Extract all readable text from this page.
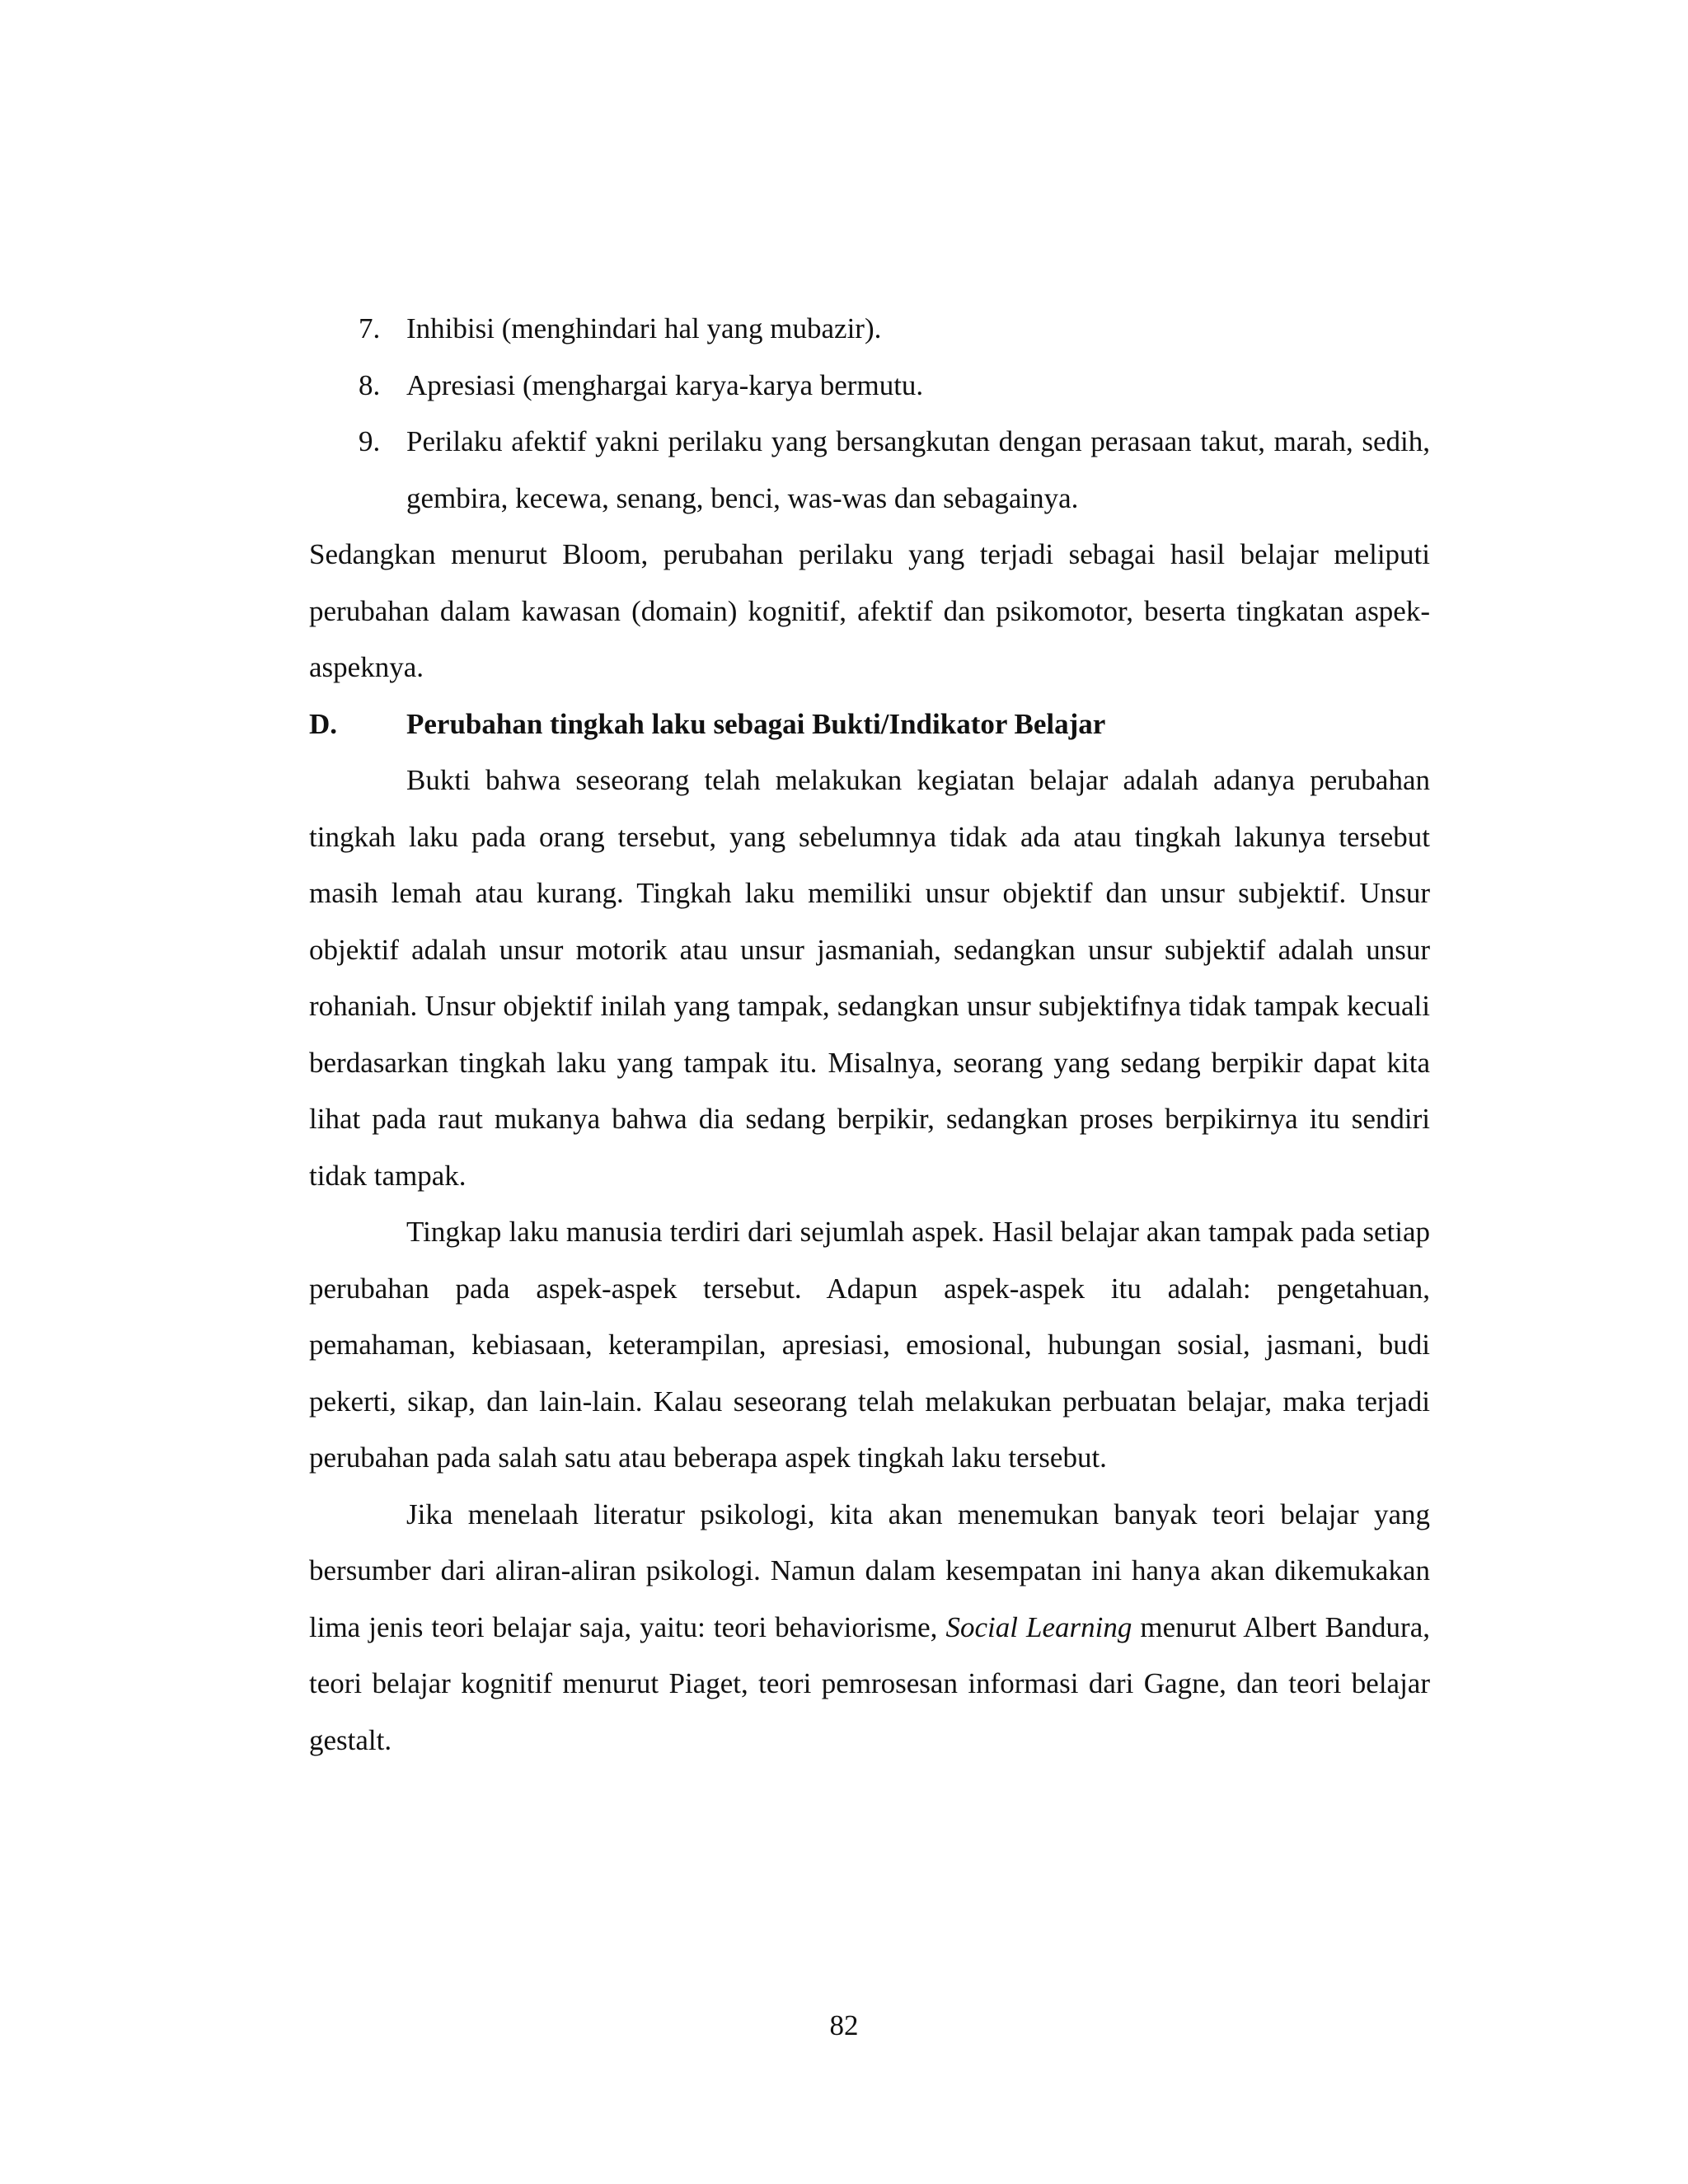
7. Inhibisi (menghindari hal yang mubazir).
8. Apresiasi (menghargai karya-karya bermutu.
9. Perilaku afektif yakni perilaku yang bersangkutan dengan perasaan takut, marah, sedih, gembira, kecewa, senang, benci, was-was dan sebagainya.

Sedangkan menurut Bloom, perubahan perilaku yang terjadi sebagai hasil belajar meliputi perubahan dalam kawasan (domain) kognitif, afektif dan psikomotor, beserta tingkatan aspek-aspeknya.

D. Perubahan tingkah laku sebagai Bukti/Indikator Belajar

Bukti bahwa seseorang telah melakukan kegiatan belajar adalah adanya perubahan tingkah laku pada orang tersebut, yang sebelumnya tidak ada atau tingkah lakunya tersebut masih lemah atau kurang. Tingkah laku memiliki unsur objektif dan unsur subjektif. Unsur objektif adalah unsur motorik atau unsur jasmaniah, sedangkan unsur subjektif adalah unsur rohaniah. Unsur objektif inilah yang tampak, sedangkan unsur subjektifnya tidak tampak kecuali berdasarkan tingkah laku yang tampak itu. Misalnya, seorang yang sedang berpikir dapat kita lihat pada raut mukanya bahwa dia sedang berpikir, sedangkan proses berpikirnya itu sendiri tidak tampak.

Tingkap laku manusia terdiri dari sejumlah aspek. Hasil belajar akan tampak pada setiap perubahan pada aspek-aspek tersebut. Adapun aspek-aspek itu adalah: pengetahuan, pemahaman, kebiasaan, keterampilan, apresiasi, emosional, hubungan sosial, jasmani, budi pekerti, sikap, dan lain-lain. Kalau seseorang telah melakukan perbuatan belajar, maka terjadi perubahan pada salah satu atau beberapa aspek tingkah laku tersebut.

Jika menelaah literatur psikologi, kita akan menemukan banyak teori belajar yang bersumber dari aliran-aliran psikologi. Namun dalam kesempatan ini hanya akan dikemukakan lima jenis teori belajar saja, yaitu: teori behaviorisme, Social Learning menurut Albert Bandura, teori belajar kognitif menurut Piaget, teori pemrosesan informasi dari Gagne, dan teori belajar gestalt.

82
